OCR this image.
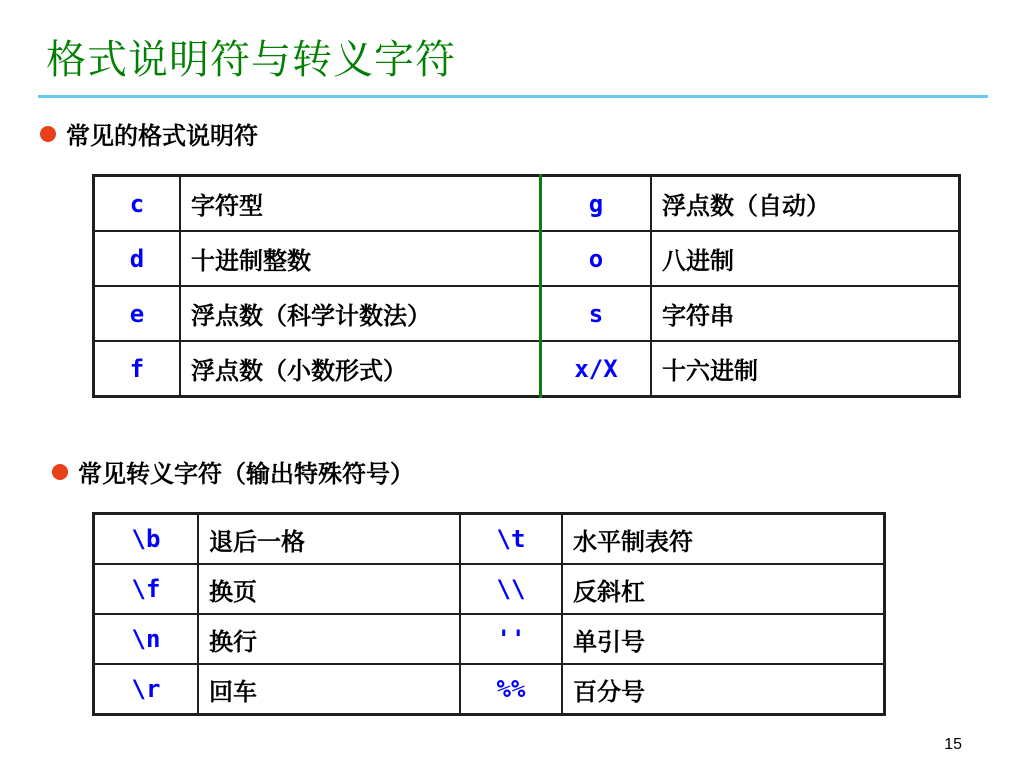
格式说明符与转义字符
常见的格式说明符
c	字符型	g	浮点数（自动）
d	十进制整数	o	八进制
e	浮点数（科学计数法）	s	字符串
f	浮点数（小数形式）	x/X	十六进制
常见转义字符（输出特殊符号）
\b	退后一格	\t	水平制表符
\f	换页	\\	反斜杠
\n	换行	''	单引号
\r	回车	%%	百分号
15
